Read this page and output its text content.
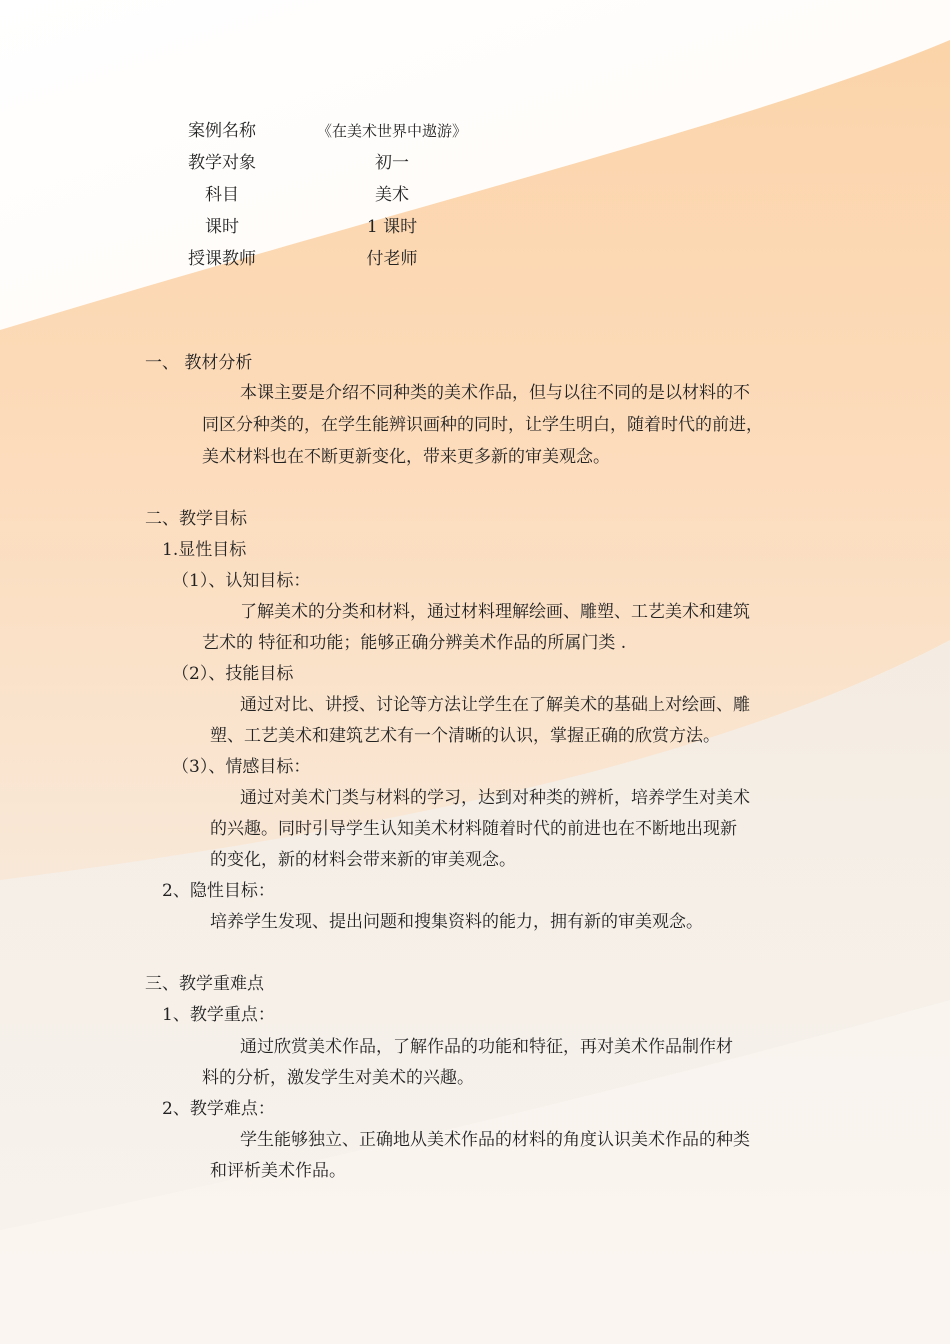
案例名称	《在美术世界中遨游》
教学对象	初一
科目	美术
课时	1 课时
授课教师	付老师
一、 教材分析
本课主要是介绍不同种类的美术作品，但与以往不同的是以材料的不
同区分种类的，在学生能辨识画种的同时，让学生明白，随着时代的前进，
美术材料也在不断更新变化，带来更多新的审美观念。
二、教学目标
1.显性目标
（1）、认知目标：
了解美术的分类和材料，通过材料理解绘画、雕塑、工艺美术和建筑
艺术的 特征和功能；能够正确分辨美术作品的所属门类 .
（2）、技能目标
通过对比、讲授、讨论等方法让学生在了解美术的基础上对绘画、雕
塑、工艺美术和建筑艺术有一个清晰的认识，掌握正确的欣赏方法。
（3）、情感目标：
通过对美术门类与材料的学习，达到对种类的辨析，培养学生对美术
的兴趣。同时引导学生认知美术材料随着时代的前进也在不断地出现新
的变化，新的材料会带来新的审美观念。
2、隐性目标：
培养学生发现、提出问题和搜集资料的能力，拥有新的审美观念。
三、教学重难点
1、教学重点：
通过欣赏美术作品，了解作品的功能和特征，再对美术作品制作材
料的分析，激发学生对美术的兴趣。
2、教学难点：
学生能够独立、正确地从美术作品的材料的角度认识美术作品的种类
和评析美术作品。
